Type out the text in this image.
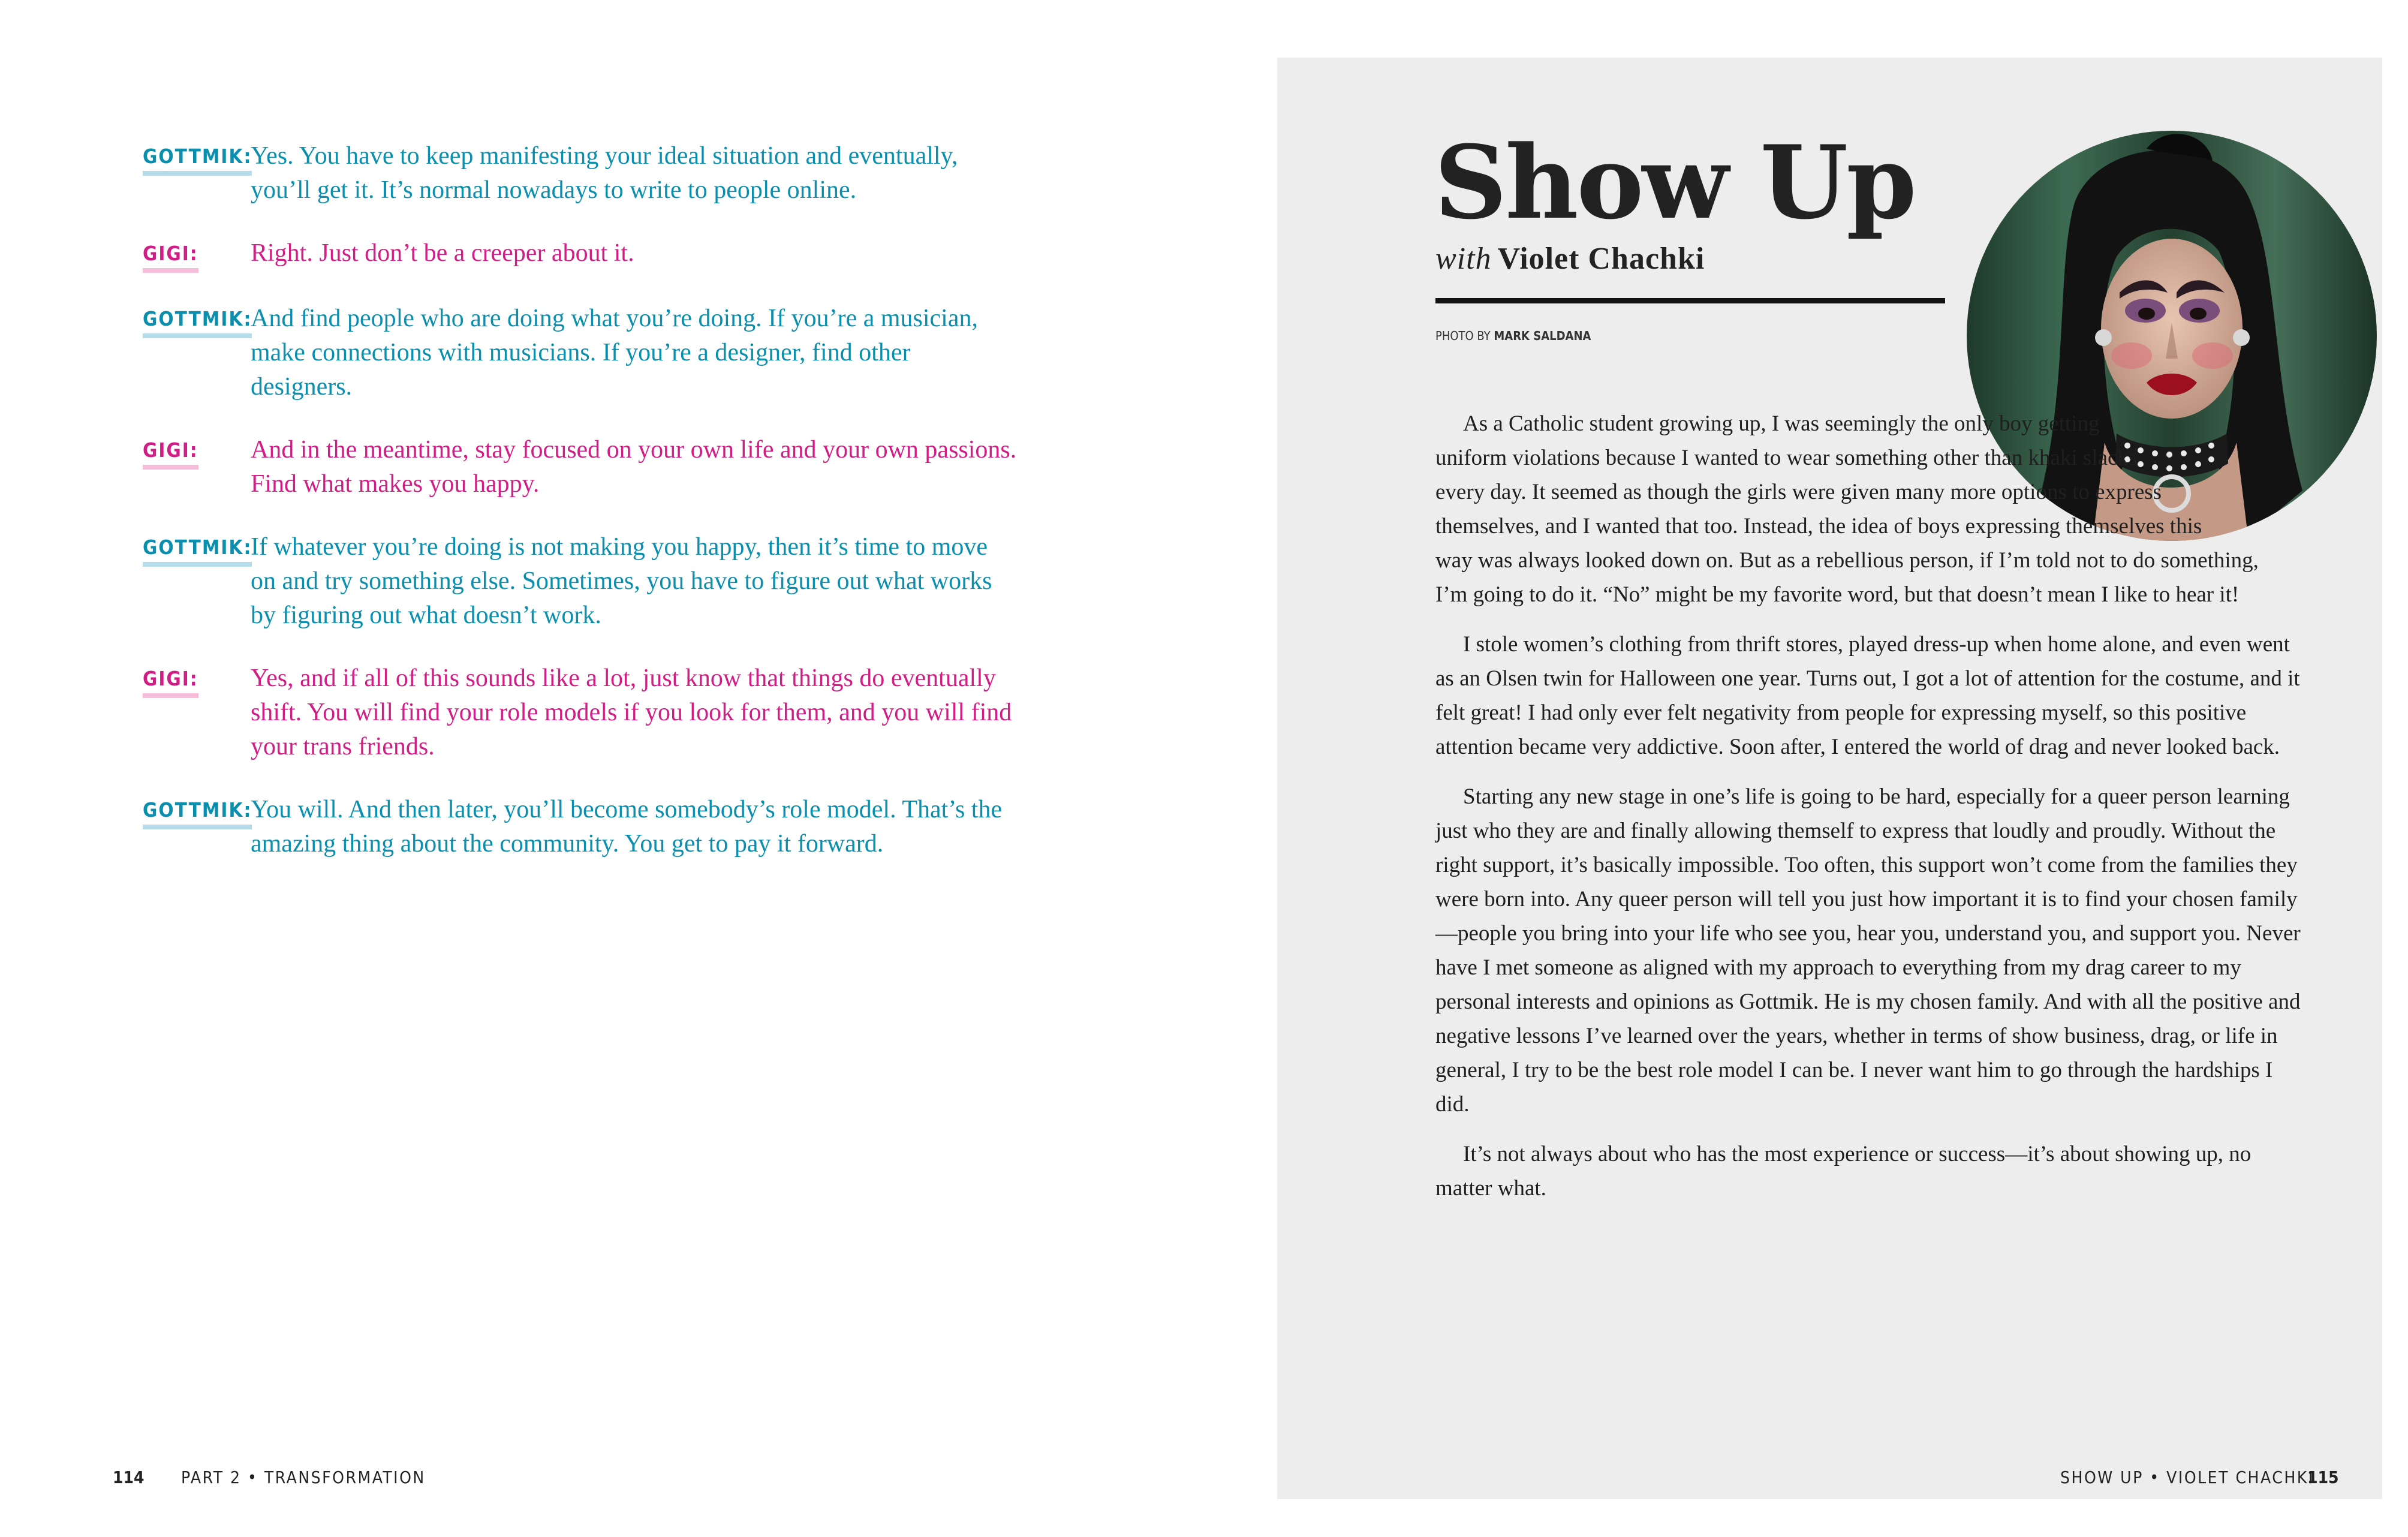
GOTTMIK:
Yes. You have to keep manifesting your ideal situation and eventually, you’ll get it. It’s normal nowadays to write to people online.
GIGI:	Right. Just don’t be a creeper about it.
GOTTMIK:
And find people who are doing what you’re doing. If you’re a musician, make connections with musicians. If you’re a designer, find other designers.
GIGI:	And in the meantime, stay focused on your own life and your own passions. Find what makes you happy.
GOTTMIK:
If whatever you’re doing is not making you happy, then it’s time to move on and try something else. Sometimes, you have to figure out what works by figuring out what doesn’t work.
GIGI:	Yes, and if all of this sounds like a lot, just know that things do eventually shift. You will find your role models if you look for them, and you will find your trans friends.
GOTTMIK:
You will. And then later, you’ll become somebody’s role model. That’s the amazing thing about the community. You get to pay it forward.
114 PART 2 • TRANSFORMATION
Show Up
with Violet Chachki
PHOTO BY MARK SALDANA

As a Catholic student growing up, I was seemingly the only boy getting uniform violations because I wanted to wear something other than khaki slacks every day. It seemed as though the girls were given many more options to express themselves, and I wanted that too. Instead, the idea of boys expressing themselves this way was always looked down on. But as a rebellious person, if I’m told not to do something, I’m going to do it. “No” might be my favorite word, but that doesn’t mean I like to hear it!

I stole women’s clothing from thrift stores, played dress-up when home alone, and even went as an Olsen twin for Halloween one year. Turns out, I got a lot of attention for the costume, and it felt great! I had only ever felt negativity from people for expressing myself, so this positive attention became very addictive. Soon after, I entered the world of drag and never looked back.

Starting any new stage in one’s life is going to be hard, especially for a queer person learning just who they are and finally allowing themself to express that loudly and proudly. Without the right support, it’s basically impossible. Too often, this support won’t come from the families they were born into. Any queer person will tell you just how important it is to find your chosen family—people you bring into your life who see you, hear you, understand you, and support you. Never have I met someone as aligned with my approach to everything from my drag career to my personal interests and opinions as Gottmik. He is my chosen family. And with all the positive and negative lessons I’ve learned over the years, whether in terms of show business, drag, or life in general, I try to be the best role model I can be. I never want him to go through the hardships I did.

It’s not always about who has the most experience or success—it’s about showing up, no matter what.

SHOW UP • VIOLET CHACHKI
115
